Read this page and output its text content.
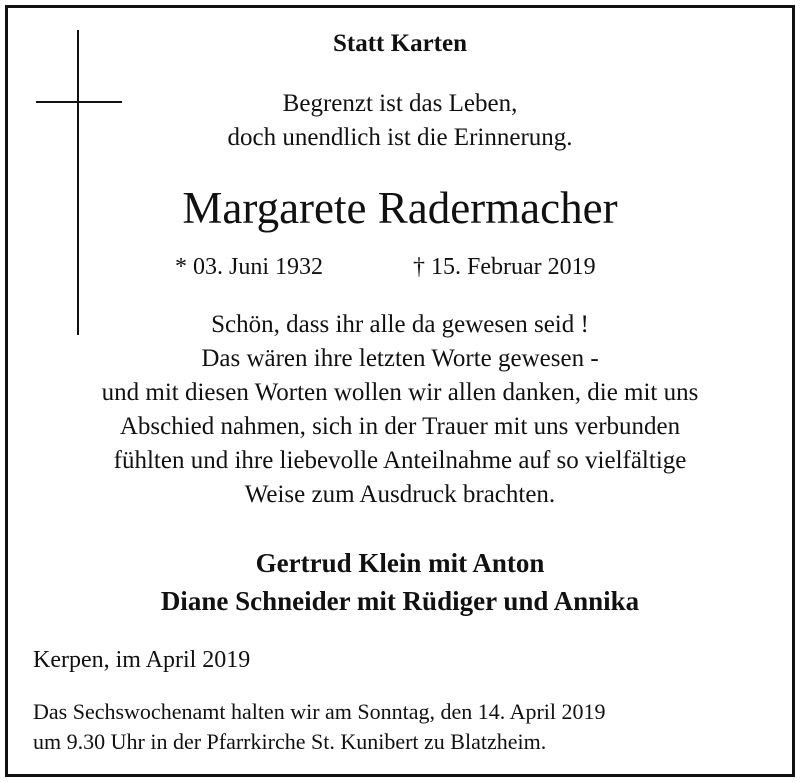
Statt Karten
Begrenzt ist das Leben,
doch unendlich ist die Erinnerung.
Margarete Radermacher
* 03. Juni 1932	† 15. Februar 2019
Schön, dass ihr alle da gewesen seid !
Das wären ihre letzten Worte gewesen -
und mit diesen Worten wollen wir allen danken, die mit uns
Abschied nahmen, sich in der Trauer mit uns verbunden
fühlten und ihre liebevolle Anteilnahme auf so vielfältige
Weise zum Ausdruck brachten.
Gertrud Klein mit Anton
Diane Schneider mit Rüdiger und Annika
Kerpen, im April 2019
Das Sechswochenamt halten wir am Sonntag, den 14. April 2019
um 9.30 Uhr in der Pfarrkirche St. Kunibert zu Blatzheim.
